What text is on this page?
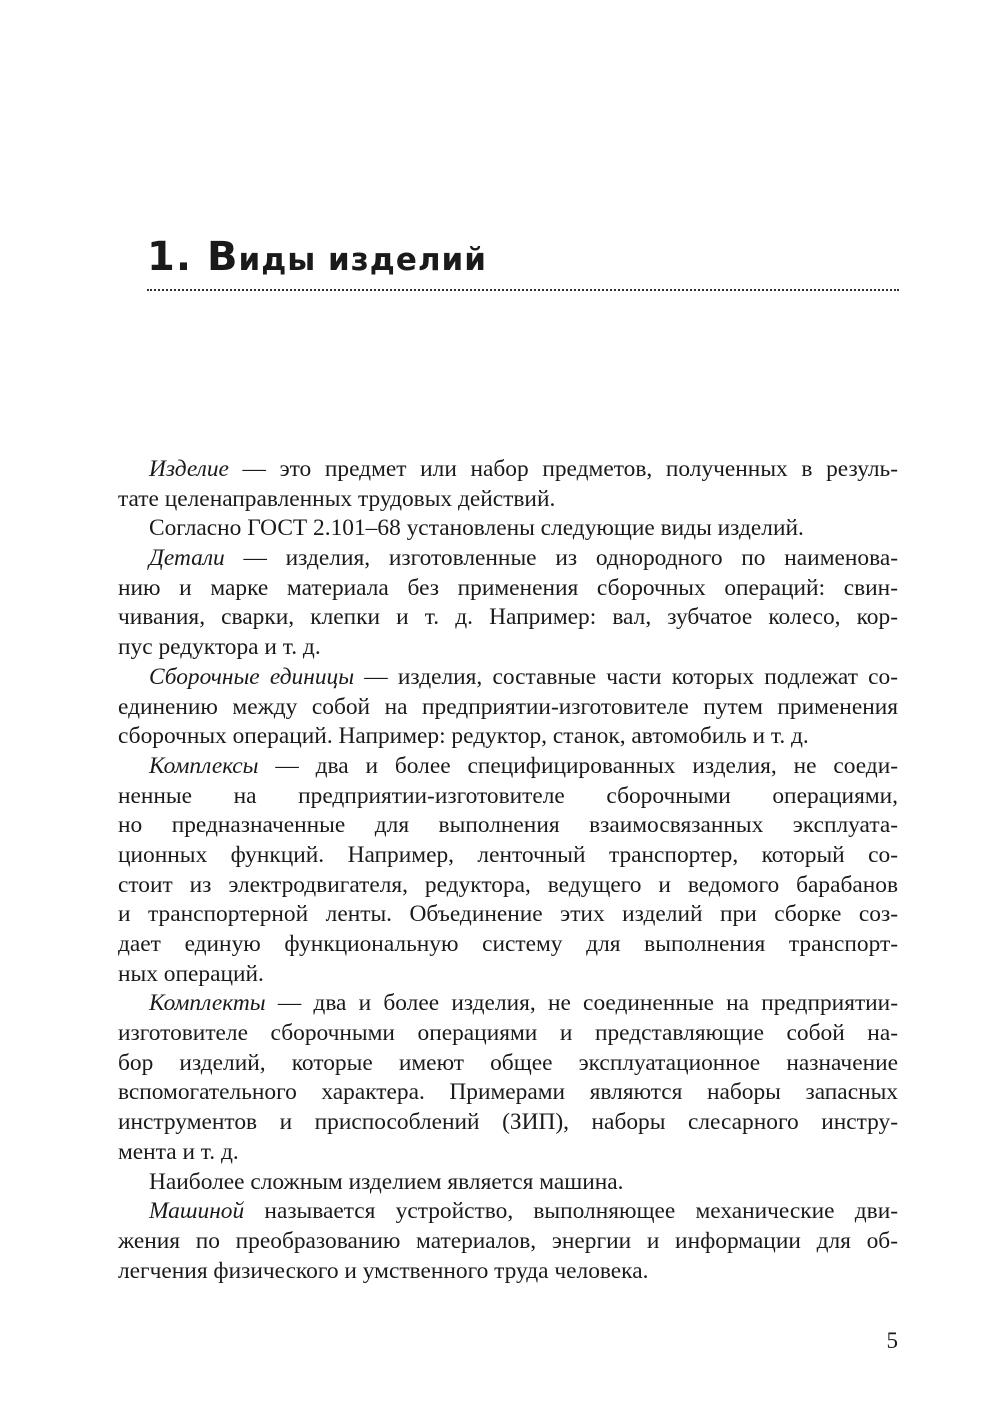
1. Виды изделий
Изделие — это предмет или набор предметов, полученных в резуль-
тате целенаправленных трудовых действий.
Согласно ГОСТ 2.101–68 установлены следующие виды изделий.
Детали — изделия, изготовленные из однородного по наименова-
нию и марке материала без применения сборочных операций: свин-
чивания, сварки, клепки и т. д. Например: вал, зубчатое колесо, кор-
пус редуктора и т. д.
Сборочные единицы — изделия, составные части которых подлежат со-
единению между собой на предприятии-изготовителе путем применения
сборочных операций. Например: редуктор, станок, автомобиль и т. д.
Комплексы — два и более специфицированных изделия, не соеди-
ненные на предприятии-изготовителе сборочными операциями,
но предназначенные для выполнения взаимосвязанных эксплуата-
ционных функций. Например, ленточный транспортер, который со-
стоит из электродвигателя, редуктора, ведущего и ведомого барабанов
и транспортерной ленты. Объединение этих изделий при сборке соз-
дает единую функциональную систему для выполнения транспорт-
ных операций.
Комплекты — два и более изделия, не соединенные на предприятии-
изготовителе сборочными операциями и представляющие собой на-
бор изделий, которые имеют общее эксплуатационное назначение
вспомогательного характера. Примерами являются наборы запасных
инструментов и приспособлений (ЗИП), наборы слесарного инстру-
мента и т. д.
Наиболее сложным изделием является машина.
Машиной называется устройство, выполняющее механические дви-
жения по преобразованию материалов, энергии и информации для об-
легчения физического и умственного труда человека.
5
